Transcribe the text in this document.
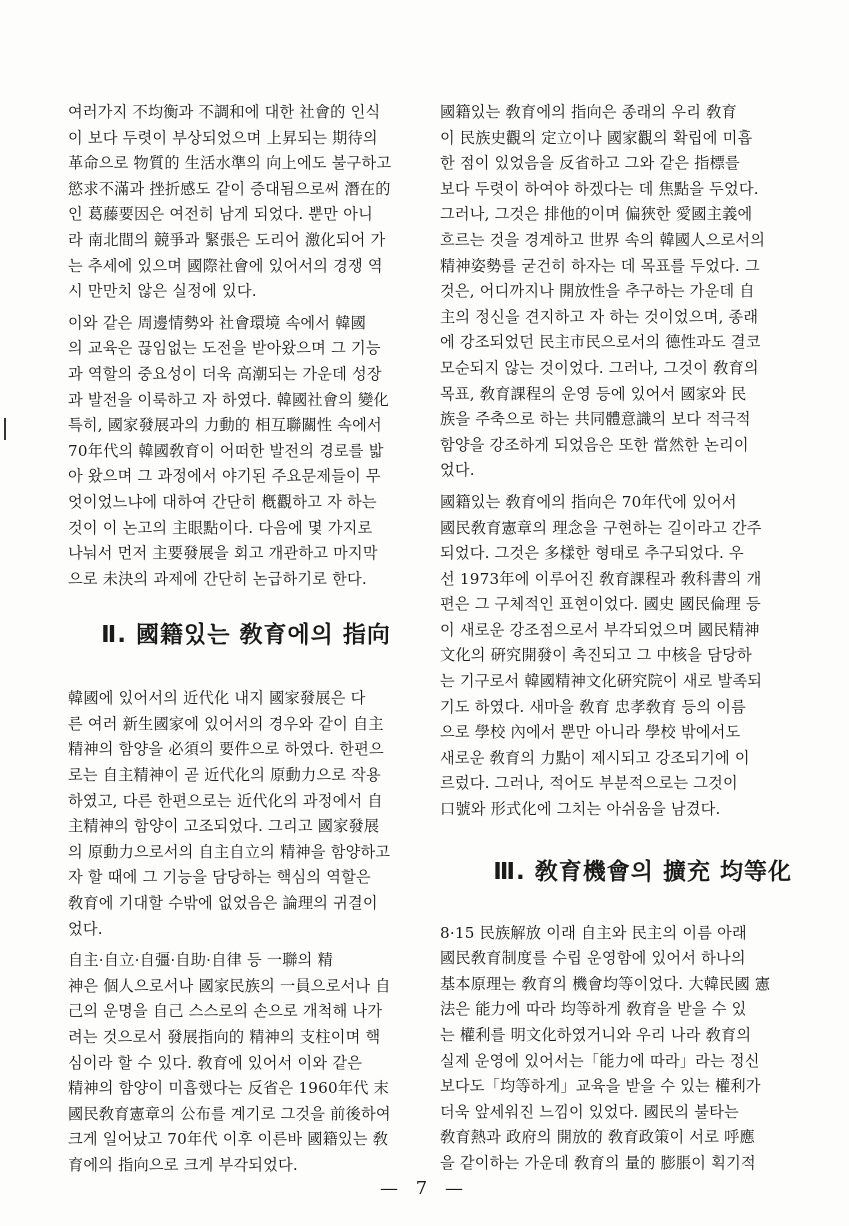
여러가지 不均衡과 不調和에 대한 社會的 인식
이 보다 두렷이 부상되었으며 上昇되는 期待의
革命으로 物質的 生活水準의 向上에도 불구하고
慾求不滿과 挫折感도 같이 증대됨으로써 潛在的
인 葛藤要因은 여전히 남게 되었다. 뿐만 아니
라 南北間의 競爭과 緊張은 도리어 激化되어 가
는 추세에 있으며 國際社會에 있어서의 경쟁 역
시 만만치 않은 실정에 있다.

이와 같은 周邊情勢와 社會環境 속에서 韓國
의 교육은 끊임없는 도전을 받아왔으며 그 기능
과 역할의 중요성이 더욱 高潮되는 가운데 성장
과 발전을 이룩하고 자 하였다. 韓國社會의 變化
특히, 國家發展과의 力動的 相互聯關性 속에서
70年代의 韓國敎育이 어떠한 발전의 경로를 밟
아 왔으며 그 과정에서 야기된 주요문제들이 무
엇이었느냐에 대하여 간단히 槪觀하고 자 하는
것이 이 논고의 主眼點이다. 다음에 몇 가지로
나눠서 먼저 主要發展을 회고 개관하고 마지막
으로 未決의 과제에 간단히 논급하기로 한다.

Ⅱ. 國籍있는 敎育에의 指向

韓國에 있어서의 近代化 내지 國家發展은 다
른 여러 新生國家에 있어서의 경우와 같이 自主
精神의 함양을 必須의 要件으로 하였다. 한편으
로는 自主精神이 곧 近代化의 原動力으로 작용
하였고, 다른 한편으로는 近代化의 과정에서 自
主精神의 함양이 고조되었다. 그리고 國家發展
의 原動力으로서의 自主自立의 精神을 함양하고
자 할 때에 그 기능을 담당하는 핵심의 역할은
敎育에 기대할 수밖에 없었음은 論理의 귀결이
었다.

自主·自立·自彊·自助·自律 등 一聯의 精
神은 個人으로서나 國家民族의 一員으로서나 自
己의 운명을 自己 스스로의 손으로 개척해 나가
려는 것으로서 發展指向的 精神의 支柱이며 핵
심이라 할 수 있다. 敎育에 있어서 이와 같은
精神의 함양이 미흡했다는 反省은 1960年代 末
國民敎育憲章의 公布를 계기로 그것을 前後하여
크게 일어났고 70年代 이후 이른바 國籍있는 敎
育에의 指向으로 크게 부각되었다.

國籍있는 敎育에의 指向은 종래의 우리 敎育
이 民族史觀의 定立이나 國家觀의 확립에 미흡
한 점이 있었음을 反省하고 그와 같은 指標를
보다 두렷이 하여야 하겠다는 데 焦點을 두었다.
그러나, 그것은 排他的이며 偏狹한 愛國主義에
흐르는 것을 경계하고 世界 속의 韓國人으로서의
精神姿勢를 굳건히 하자는 데 목표를 두었다. 그
것은, 어디까지나 開放性을 추구하는 가운데 自
主의 정신을 견지하고 자 하는 것이었으며, 종래
에 강조되었던 民主市民으로서의 德性과도 결코
모순되지 않는 것이었다. 그러나, 그것이 敎育의
목표, 敎育課程의 운영 등에 있어서 國家와 民
族을 주축으로 하는 共同體意識의 보다 적극적
함양을 강조하게 되었음은 또한 當然한 논리이
었다.

國籍있는 敎育에의 指向은 70年代에 있어서
國民敎育憲章의 理念을 구현하는 길이라고 간주
되었다. 그것은 多樣한 형태로 추구되었다. 우
선 1973年에 이루어진 敎育課程과 敎科書의 개
편은 그 구체적인 표현이었다. 國史 國民倫理 등
이 새로운 강조점으로서 부각되었으며 國民精神
文化의 硏究開發이 촉진되고 그 中核을 담당하
는 기구로서 韓國精神文化硏究院이 새로 발족되
기도 하였다. 새마을 敎育 忠孝敎育 등의 이름
으로 學校 內에서 뿐만 아니라 學校 밖에서도
새로운 敎育의 力點이 제시되고 강조되기에 이
르렀다. 그러나, 적어도 부분적으로는 그것이
口號와 形式化에 그치는 아쉬움을 남겼다.

Ⅲ. 敎育機會의 擴充 均等化

8·15 民族解放 이래 自主와 民主의 이름 아래
國民敎育制度를 수립 운영함에 있어서 하나의
基本原理는 敎育의 機會均等이었다. 大韓民國 憲
法은 能力에 따라 均等하게 敎育을 받을 수 있
는 權利를 明文化하였거니와 우리 나라 敎育의
실제 운영에 있어서는「能力에 따라」라는 정신
보다도「均等하게」교육을 받을 수 있는 權利가
더욱 앞세워진 느낌이 있었다. 國民의 불타는
敎育熱과 政府의 開放的 敎育政策이 서로 呼應
을 같이하는 가운데 敎育의 量的 膨脹이 획기적

— 7 —
